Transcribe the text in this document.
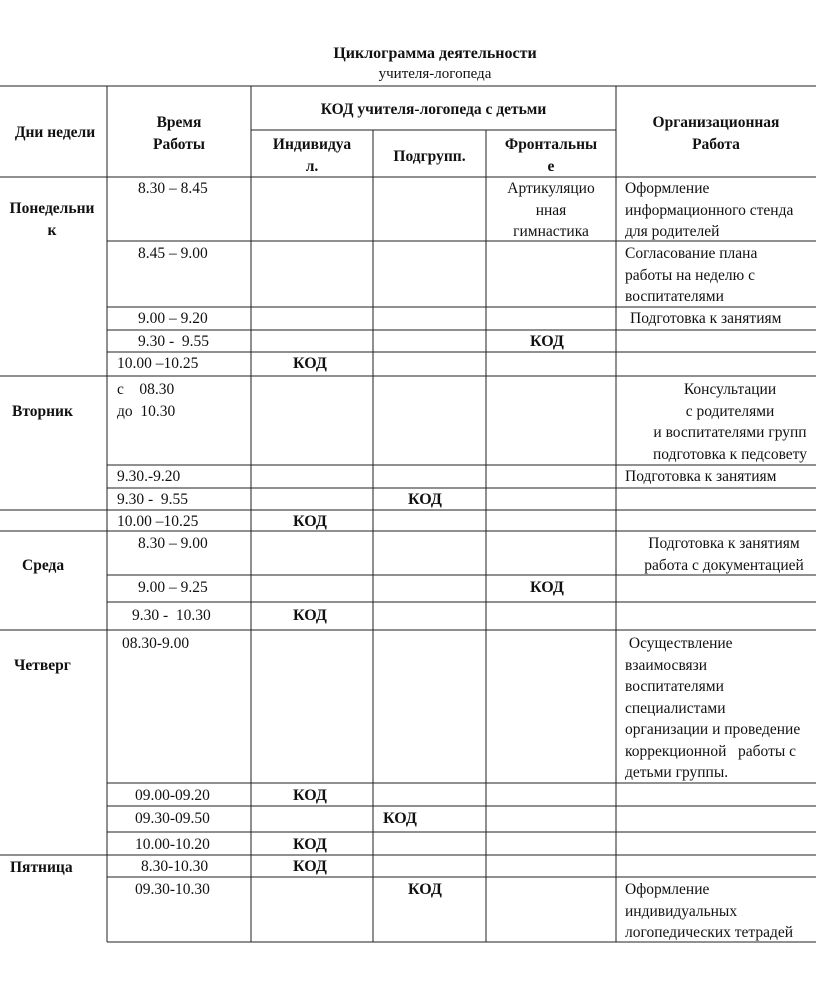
Циклограмма деятельности
учителя-логопеда
Дни недели
Время
Работы
КОД учителя-логопеда с детьми
Индивидуа
л.
Подгрупп.
Фронтальны
е
Организационная
Работа
Понедельни
к
Вторник
Среда
Четверг
Пятница
8.30 – 8.45
8.45 – 9.00
9.00 – 9.20
9.30 -  9.55
10.00 –10.25
с    08.30
до  10.30
9.30.-9.20
9.30 -  9.55
10.00 –10.25
8.30 – 9.00
9.00 – 9.25
9.30 -  10.30
08.30-9.00
09.00-09.20
09.30-09.50
10.00-10.20
8.30-10.30
09.30-10.30
КОД
КОД
КОД
КОД
КОД
КОД
КОД
КОД
КОД
КОД
КОД
Артикуляцио
нная
гимнастика
Оформление
информационного стенда
для родителей
Согласование плана
работы на неделю с
воспитателями
Подготовка к занятиям
Консультации
с родителями
и воспитателями групп
подготовка к педсовету
Подготовка к занятиям
Подготовка к занятиям
работа с документацией
Осуществление
взаимосвязи
воспитателями
специалистами
организации и проведение
коррекционной   работы с
детьми группы.
Оформление
индивидуальных
логопедических тетрадей
